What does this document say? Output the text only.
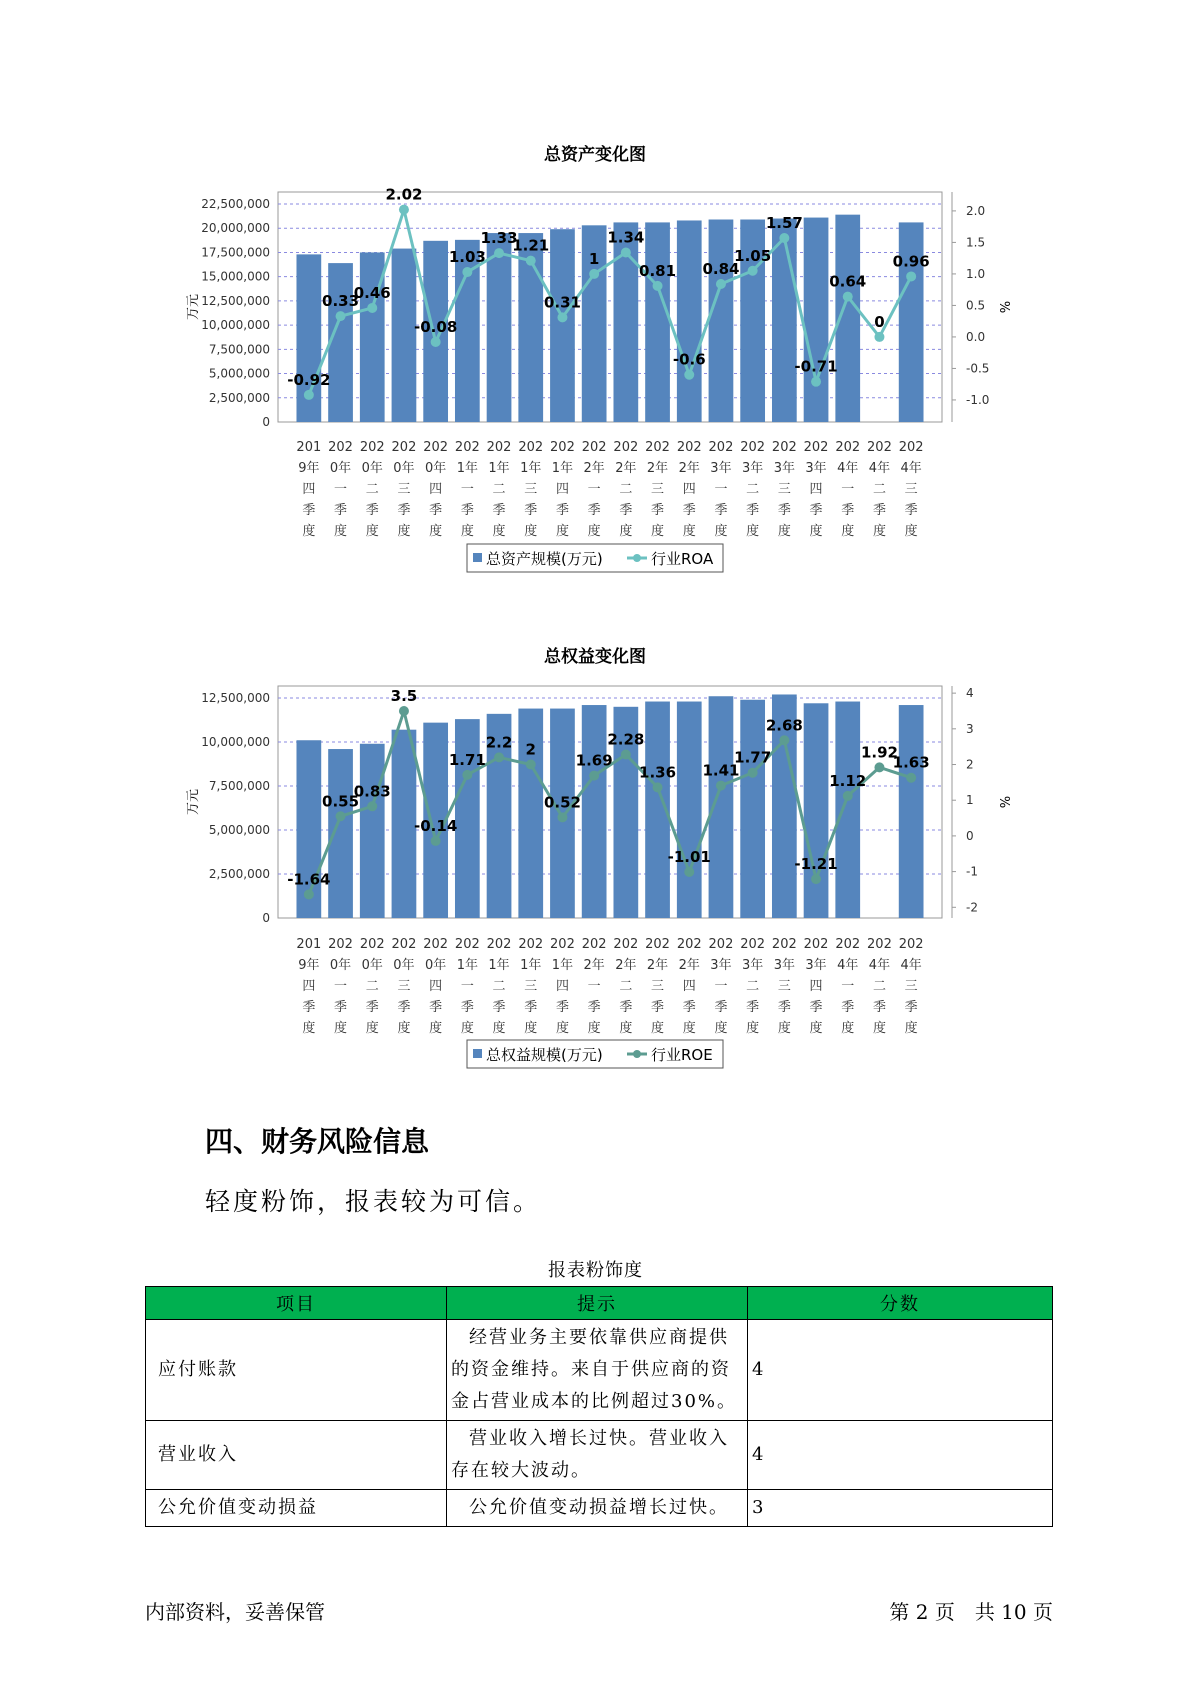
总资产变化图
0
2,500,000
5,000,000
7,500,000
10,000,000
12,500,000
15,000,000
17,500,000
20,000,000
22,500,000
万元
-1.0
-0.5
0.0
0.5
1.0
1.5
2.0
%
-0.92
0.33
0.46
2.02
-0.08
1.03
1.33
1.21
0.31
1
1.34
0.81
-0.6
0.84
1.05
1.57
-0.71
0.64
0
0.96
201
9年
四
季
度
202
0年
一
季
度
202
0年
二
季
度
202
0年
三
季
度
202
0年
四
季
度
202
1年
一
季
度
202
1年
二
季
度
202
1年
三
季
度
202
1年
四
季
度
202
2年
一
季
度
202
2年
二
季
度
202
2年
三
季
度
202
2年
四
季
度
202
3年
一
季
度
202
3年
二
季
度
202
3年
三
季
度
202
3年
四
季
度
202
4年
一
季
度
202
4年
二
季
度
202
4年
三
季
度
总资产规模(万元)	行业ROA
总权益变化图
0
2,500,000
5,000,000
7,500,000
10,000,000
12,500,000
万元
-2
-1
0
1
2
3
4
%
-1.64
0.55
0.83
3.5
-0.14
1.71
2.2 2
0.52
1.69
2.28
1.36
-1.01
1.41
1.77
2.68
-1.21
1.12
1.92
1.63
201
9年
四
季
度
202
0年
一
季
度
202
0年
二
季
度
202
0年
三
季
度
202
0年
四
季
度
202
1年
一
季
度
202
1年
二
季
度
202
1年
三
季
度
202
1年
四
季
度
202
2年
一
季
度
202
2年
二
季
度
202
2年
三
季
度
202
2年
四
季
度
202
3年
一
季
度
202
3年
二
季
度
202
3年
三
季
度
202
3年
四
季
度
202
4年
一
季
度
202
4年
二
季
度
202
4年
三
季
度
总权益规模(万元)	行业ROE
四、财务风险信息

轻度粉饰，报表较为可信。

报表粉饰度
项目	提示	分数
应付账款	经营业务主要依靠供应商提供的资金维持。来自于供应商的资金占营业成本的比例超过30%。	4
营业收入	营业收入增长过快。营业收入存在较大波动。	4
公允价值变动损益	公允价值变动损益增长过快。	3
内部资料，妥善保管	第 2 页　共 10 页
